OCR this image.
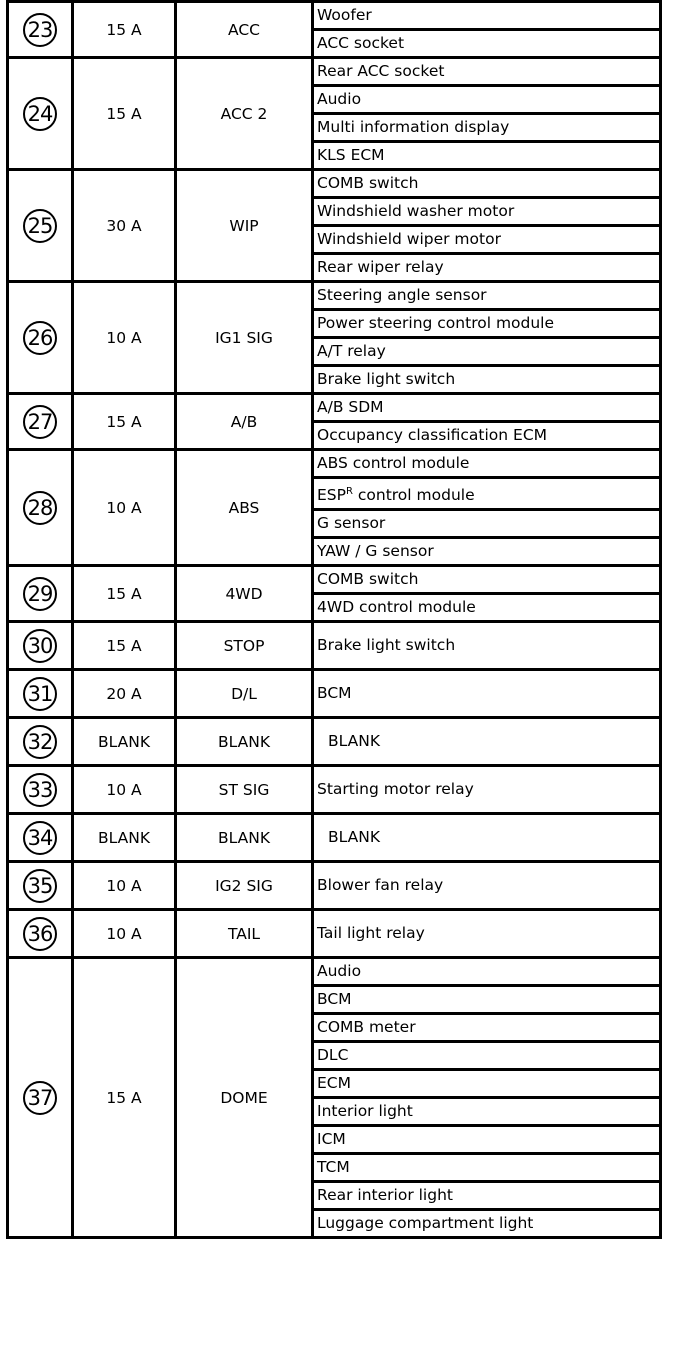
23	15 A	ACC	Woofer
			ACC socket
24	15 A	ACC 2	Rear ACC socket
			Audio
			Multi information display
			KLS ECM
25	30 A	WIP	COMB switch
			Windshield washer motor
			Windshield wiper motor
			Rear wiper relay
26	10 A	IG1 SIG	Steering angle sensor
			Power steering control module
			A/T relay
			Brake light switch
27	15 A	A/B	A/B SDM
			Occupancy classification ECM
28	10 A	ABS	ABS control module
			$ESP^R$ control module
			G sensor
			YAW / G sensor
29	15 A	4WD	COMB switch
			4WD control module
30	15 A	STOP	Brake light switch
31	20 A	D/L	BCM
32	BLANK	BLANK	BLANK
33	10 A	ST SIG	Starting motor relay
34	BLANK	BLANK	BLANK
35	10 A	IG2 SIG	Blower fan relay
36	10 A	TAIL	Tail light relay
37	15 A	DOME	Audio
			BCM
			COMB meter
			DLC
			ECM
			Interior light
			ICM
			TCM
			Rear interior light
			Luggage compartment light
